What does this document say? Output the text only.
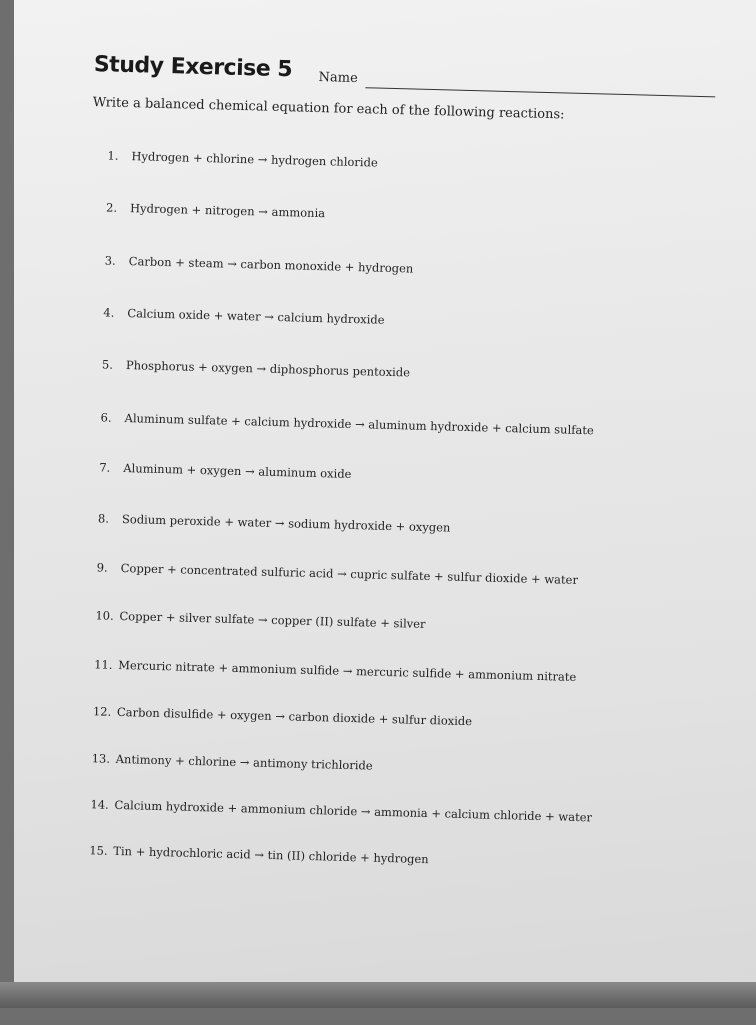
Study Exercise 5 Name
Write a balanced chemical equation for each of the following reactions:
1. Hydrogen + chlorine → hydrogen chloride
2. Hydrogen + nitrogen → ammonia
3. Carbon + steam → carbon monoxide + hydrogen
4. Calcium oxide + water → calcium hydroxide
5. Phosphorus + oxygen → diphosphorus pentoxide
6. Aluminum sulfate + calcium hydroxide → aluminum hydroxide + calcium sulfate
7. Aluminum + oxygen → aluminum oxide
8. Sodium peroxide + water → sodium hydroxide + oxygen
9. Copper + concentrated sulfuric acid → cupric sulfate + sulfur dioxide + water
10. Copper + silver sulfate → copper (II) sulfate + silver
11. Mercuric nitrate + ammonium sulfide → mercuric sulfide + ammonium nitrate
12. Carbon disulfide + oxygen → carbon dioxide + sulfur dioxide
13. Antimony + chlorine → antimony trichloride
14. Calcium hydroxide + ammonium chloride → ammonia + calcium chloride + water
15. Tin + hydrochloric acid → tin (II) chloride + hydrogen
